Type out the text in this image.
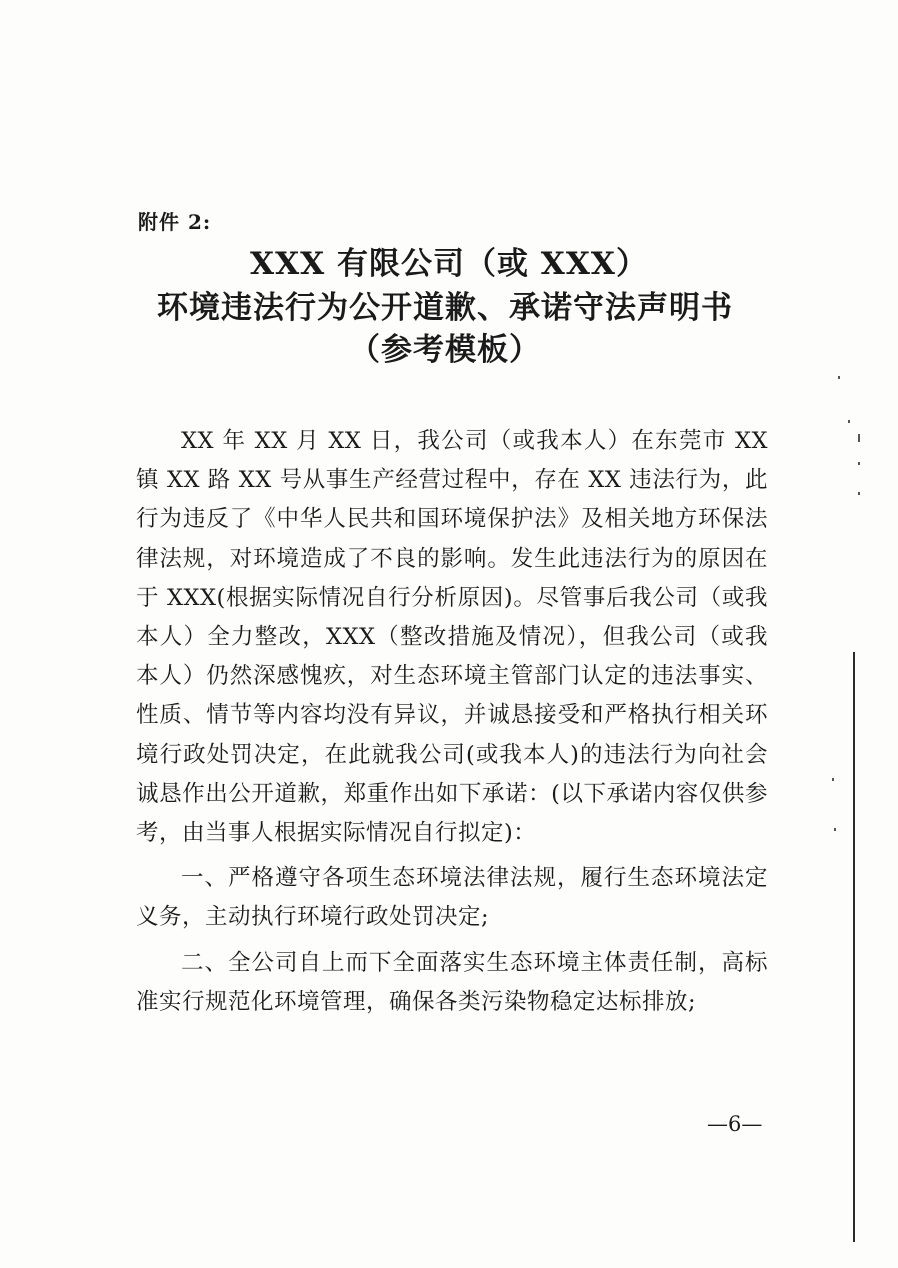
附件 2:
XXX 有限公司（或 XXX）
环境违法行为公开道歉、承诺守法声明书
（参考模板）

XX 年 XX 月 XX 日，我公司（或我本人）在东莞市 XX 镇 XX 路 XX 号从事生产经营过程中，存在 XX 违法行为，此行为违反了《中华人民共和国环境保护法》及相关地方环保法律法规，对环境造成了不良的影响。发生此违法行为的原因在于 XXX(根据实际情况自行分析原因)。尽管事后我公司（或我本人）全力整改，XXX（整改措施及情况），但我公司（或我本人）仍然深感愧疚，对生态环境主管部门认定的违法事实、性质、情节等内容均没有异议，并诚恳接受和严格执行相关环境行政处罚决定，在此就我公司(或我本人)的违法行为向社会诚恳作出公开道歉，郑重作出如下承诺：(以下承诺内容仅供参考，由当事人根据实际情况自行拟定)：

一、严格遵守各项生态环境法律法规，履行生态环境法定义务，主动执行环境行政处罚决定;

二、全公司自上而下全面落实生态环境主体责任制，高标准实行规范化环境管理，确保各类污染物稳定达标排放;

—6—
